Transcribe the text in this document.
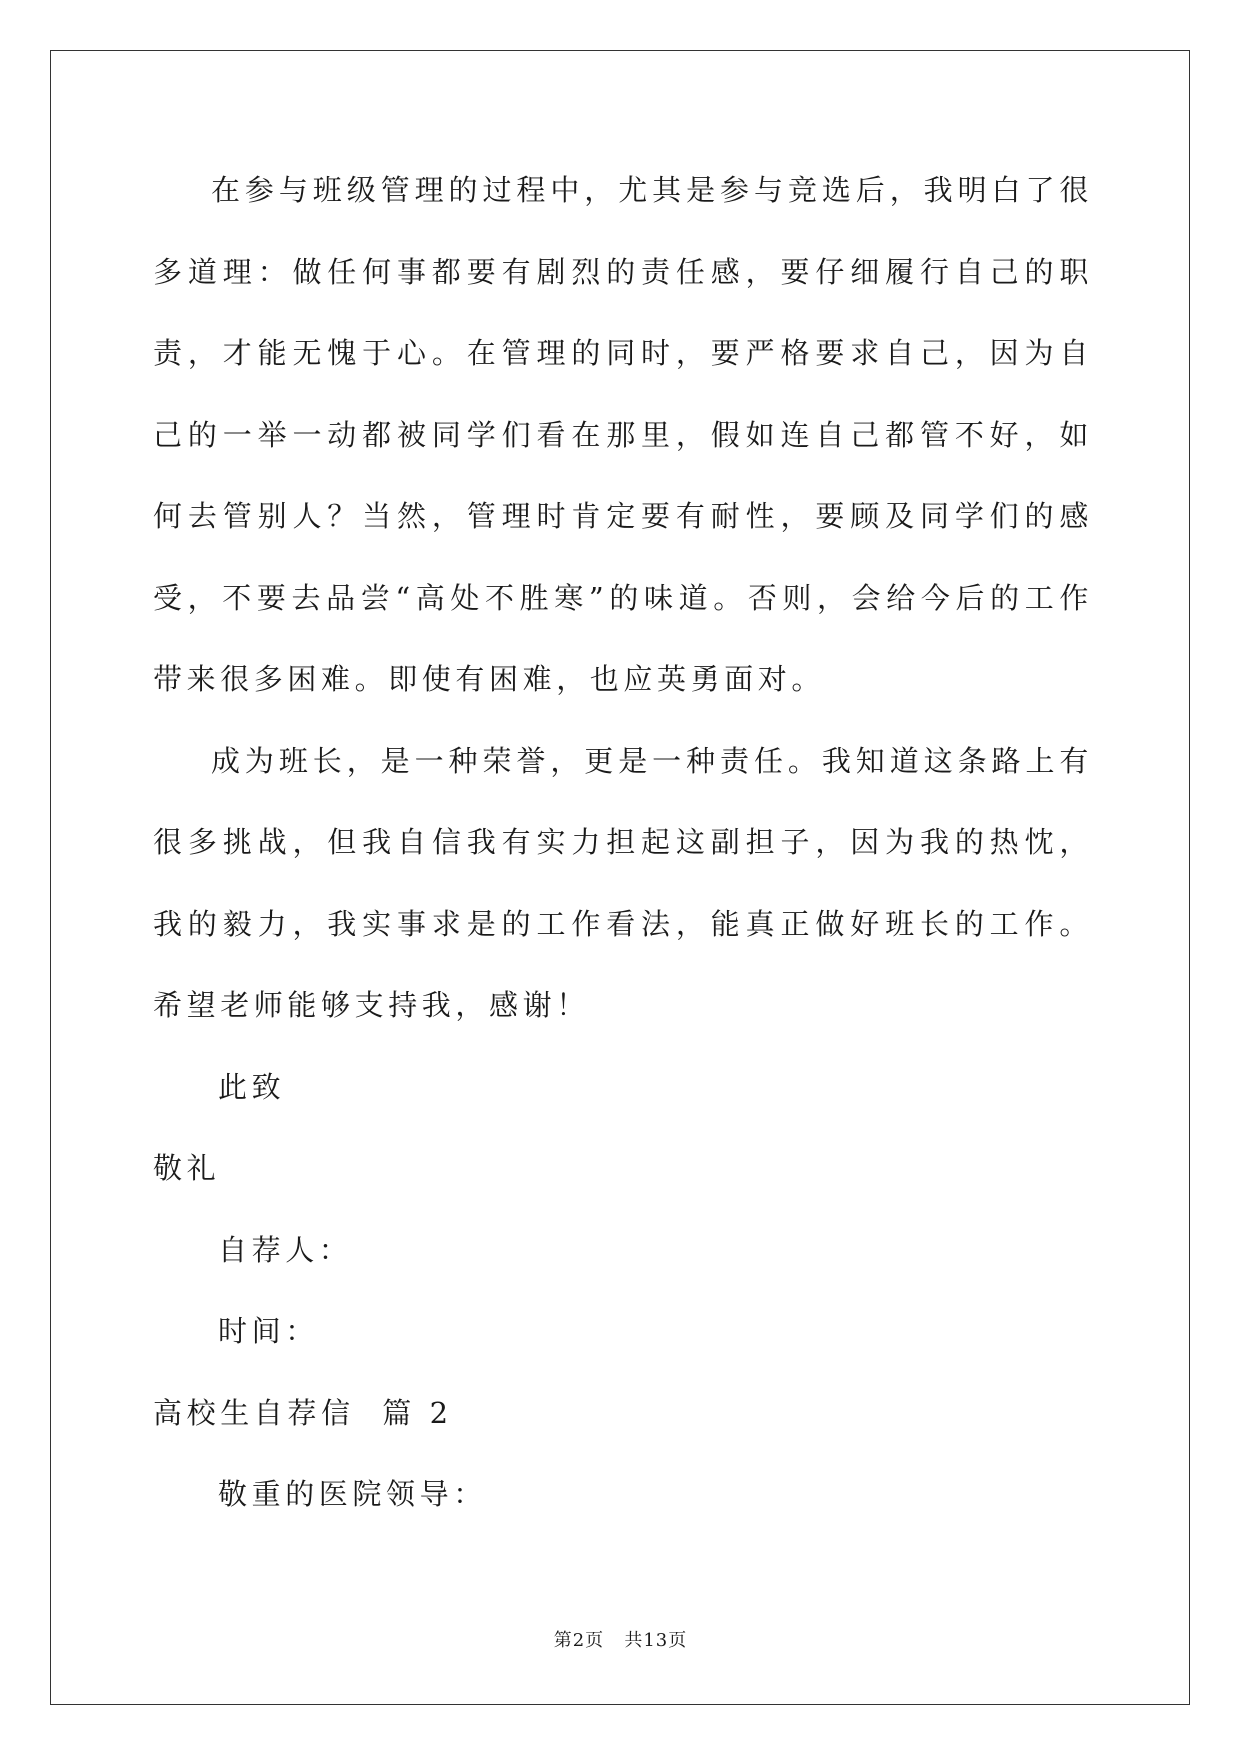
在参与班级管理的过程中，尤其是参与竞选后，我明白了很多道理：做任何事都要有剧烈的责任感，要仔细履行自己的职责，才能无愧于心。在管理的同时，要严格要求自己，因为自己的一举一动都被同学们看在那里，假如连自己都管不好，如何去管别人？当然，管理时肯定要有耐性，要顾及同学们的感受，不要去品尝“高处不胜寒”的味道。否则，会给今后的工作带来很多困难。即使有困难，也应英勇面对。

成为班长，是一种荣誉，更是一种责任。我知道这条路上有很多挑战，但我自信我有实力担起这副担子，因为我的热忱，我的毅力，我实事求是的工作看法，能真正做好班长的工作。希望老师能够支持我，感谢！

此致

敬礼

自荐人：

时间：

高校生自荐信  篇 2

敬重的医院领导：

第2页   共13页
